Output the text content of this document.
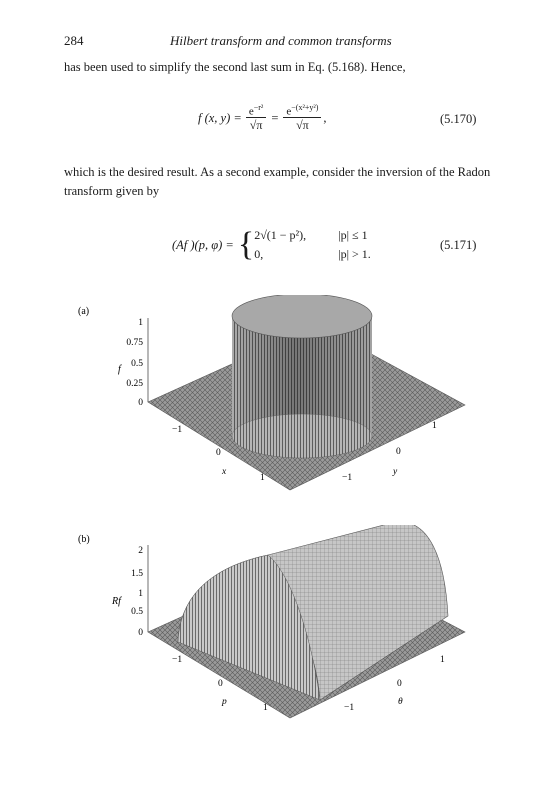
284	Hilbert transform and common transforms
has been used to simplify the second last sum in Eq. (5.168). Hence,
f (x, $y) = \frac{e^{-r^2}}{√\pi} = \frac{e^{-(x^2+y^2)}}{√\pi}$ ,	(5.170)
which is the desired result. As a second example, consider the inversion of the Radon transform given by
(Af )(p, φ) = { 2√(1 − p²),	|p| ≤ 1
0,	|p| > 1.
(5.171)
(a)
1
0.75
0.5
0.25
0
f
−1
0
1
x
1
0
−1
y
(b)
2
1.5
1
0.5
0
Rf
−1
0
1
p
1
0
−1
θ
